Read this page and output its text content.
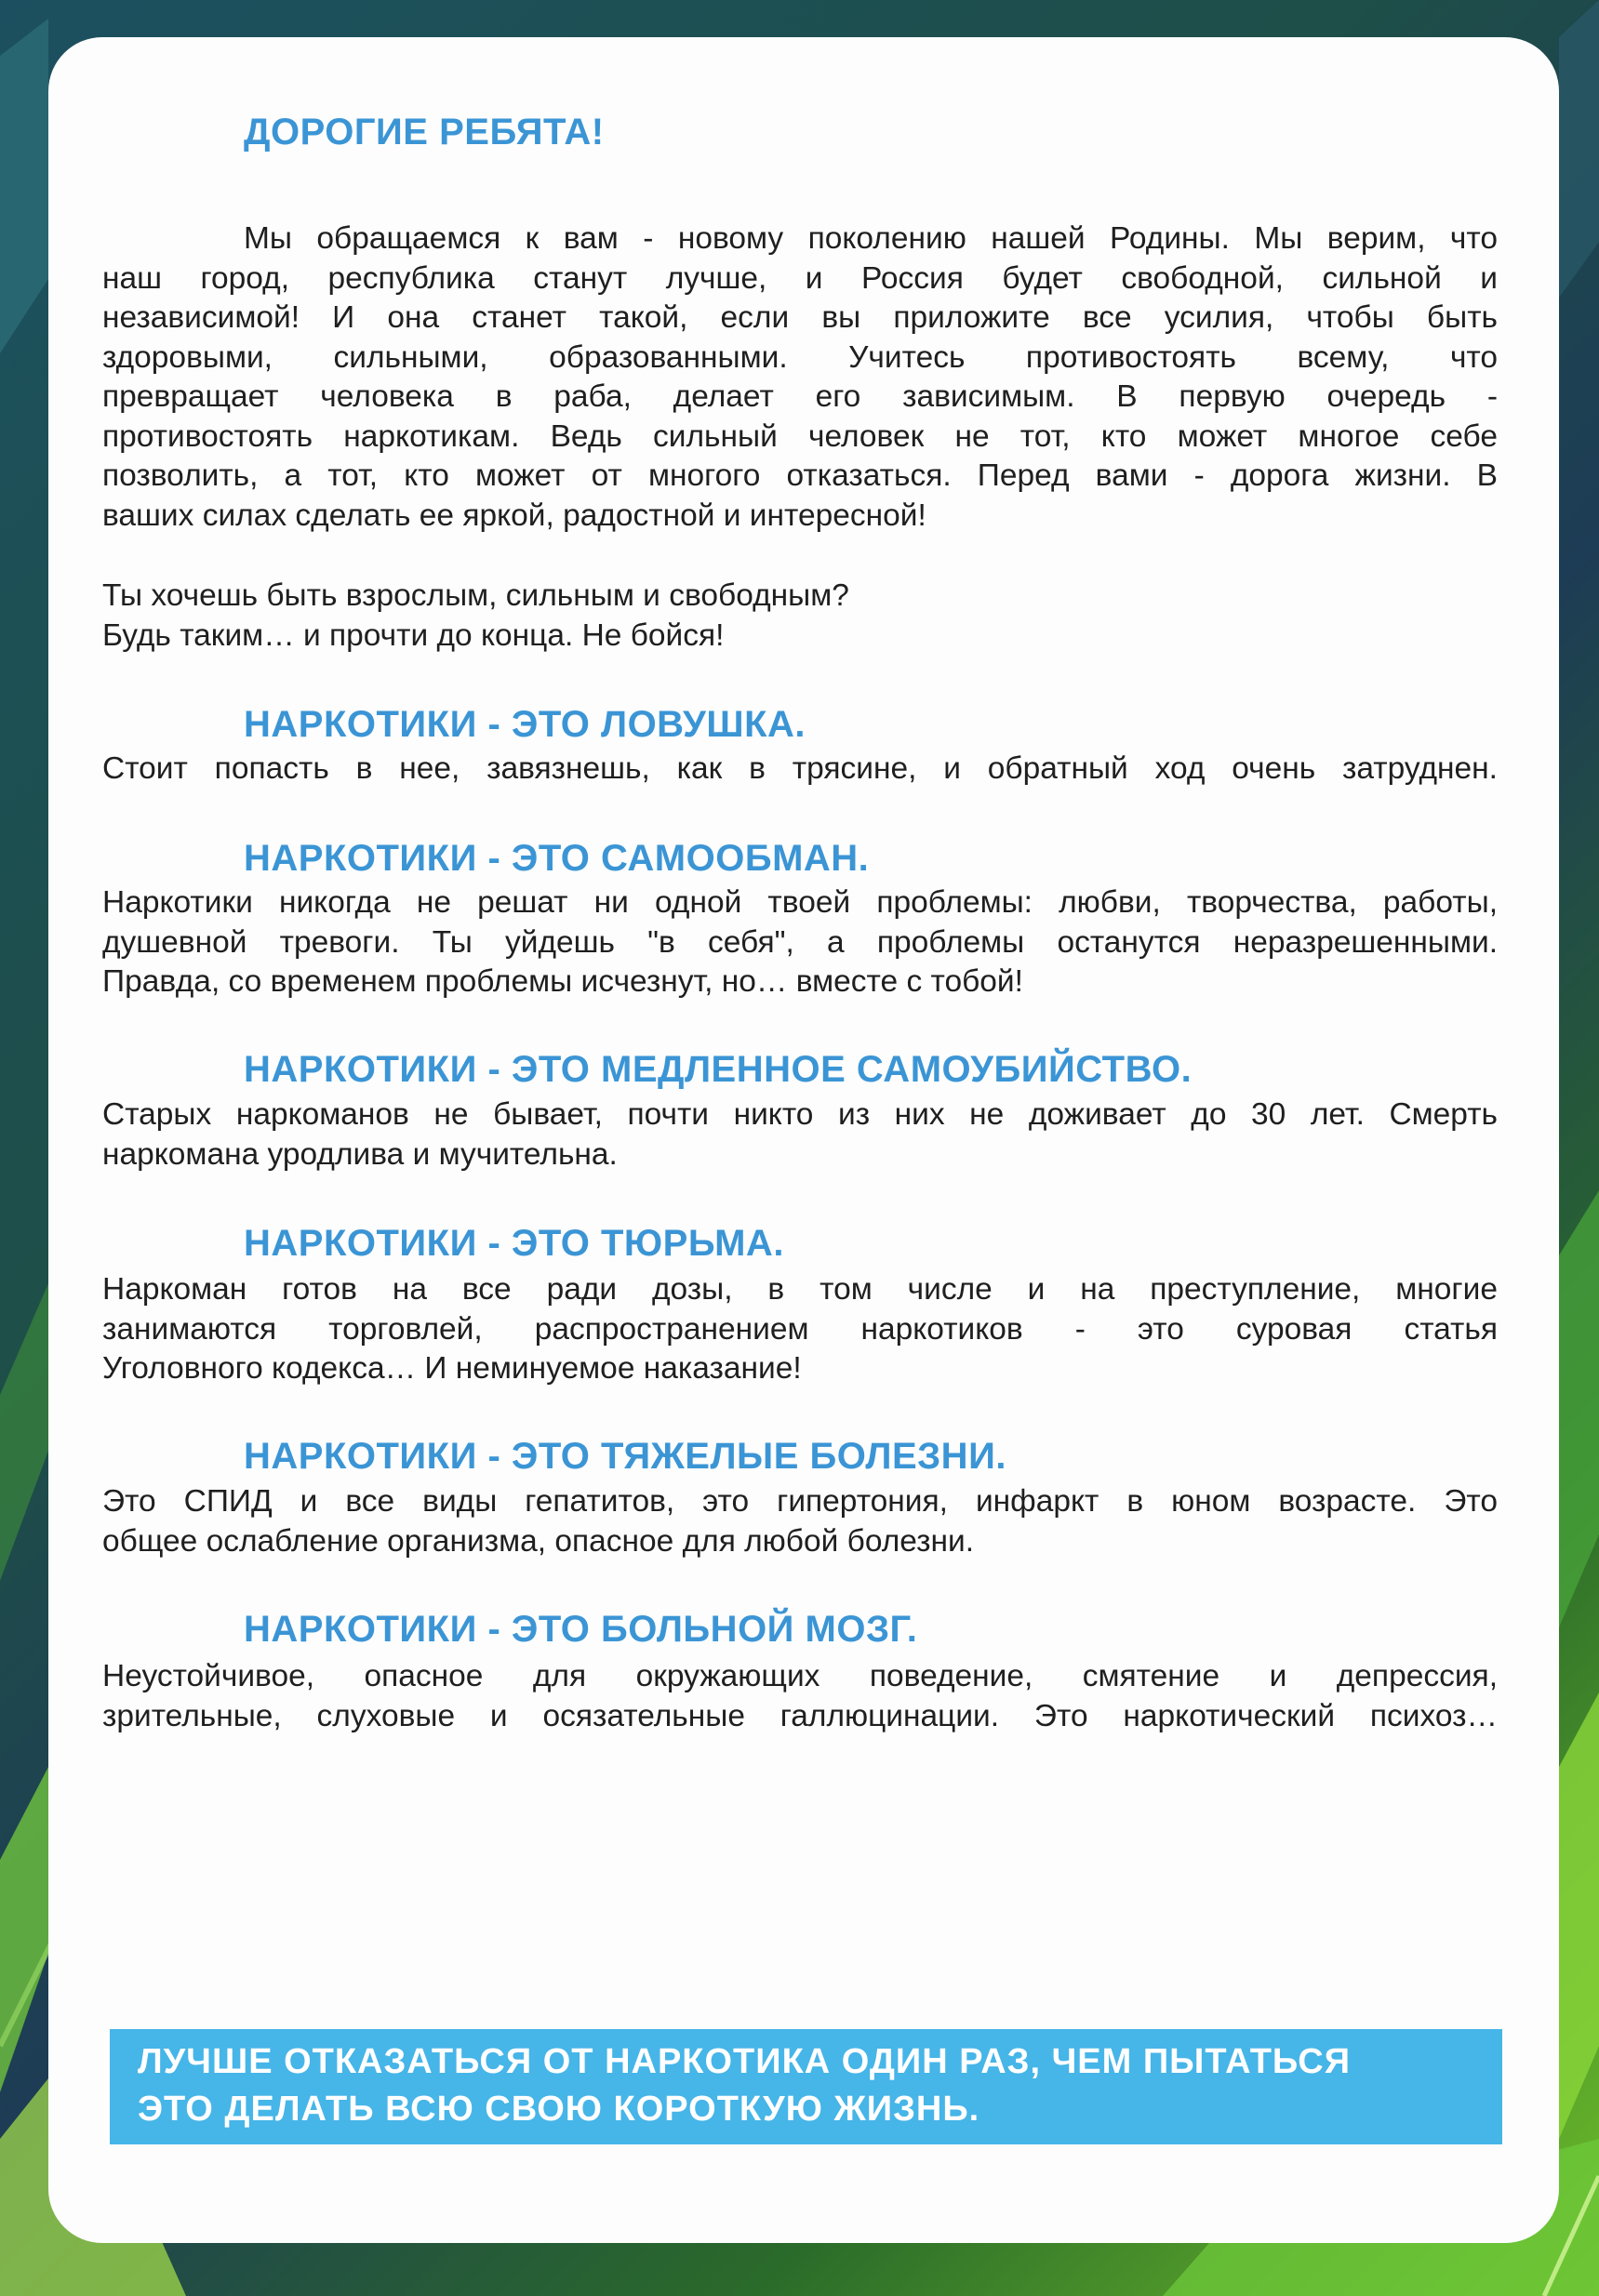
ДОРОГИЕ РЕБЯТА!
Мы обращаемся к вам - новому поколению нашей Родины. Мы верим, что
наш город, республика станут лучше, и Россия будет свободной, сильной и
независимой! И она станет такой, если вы приложите все усилия, чтобы быть
здоровыми, сильными, образованными. Учитесь противостоять всему, что
превращает человека в раба, делает его зависимым. В первую очередь -
противостоять наркотикам. Ведь сильный человек не тот, кто может многое себе
позволить, а тот, кто может от многого отказаться. Перед вами - дорога жизни. В
ваших силах сделать ее яркой, радостной и интересной!

Ты хочешь быть взрослым, сильным и свободным?

Будь таким… и прочти до конца. Не бойся!

НАРКОТИКИ - ЭТО ЛОВУШКА.
Стоит попасть в нее, завязнешь, как в трясине, и обратный ход очень затруднен.
НАРКОТИКИ - ЭТО САМООБМАН.
Наркотики никогда не решат ни одной твоей проблемы: любви, творчества, работы,
душевной тревоги. Ты уйдешь "в себя", а проблемы останутся неразрешенными.
Правда, со временем проблемы исчезнут, но… вместе с тобой!
НАРКОТИКИ - ЭТО МЕДЛЕННОЕ САМОУБИЙСТВО.
Старых наркоманов не бывает, почти никто из них не доживает до 30 лет. Смерть
наркомана уродлива и мучительна.
НАРКОТИКИ - ЭТО ТЮРЬМА.
Наркоман готов на все ради дозы, в том числе и на преступление, многие
занимаются торговлей, распространением наркотиков - это суровая статья
Уголовного кодекса… И неминуемое наказание!
НАРКОТИКИ - ЭТО ТЯЖЕЛЫЕ БОЛЕЗНИ.
Это СПИД и все виды гепатитов, это гипертония, инфаркт в юном возрасте. Это
общее ослабление организма, опасное для любой болезни.
НАРКОТИКИ - ЭТО БОЛЬНОЙ МОЗГ.
Неустойчивое, опасное для окружающих поведение, смятение и депрессия,
зрительные, слуховые и осязательные галлюцинации. Это наркотический психоз…
ЛУЧШЕ ОТКАЗАТЬСЯ ОТ НАРКОТИКА ОДИН РАЗ, ЧЕМ ПЫТАТЬСЯ
ЭТО ДЕЛАТЬ ВСЮ СВОЮ КОРОТКУЮ ЖИЗНЬ.
